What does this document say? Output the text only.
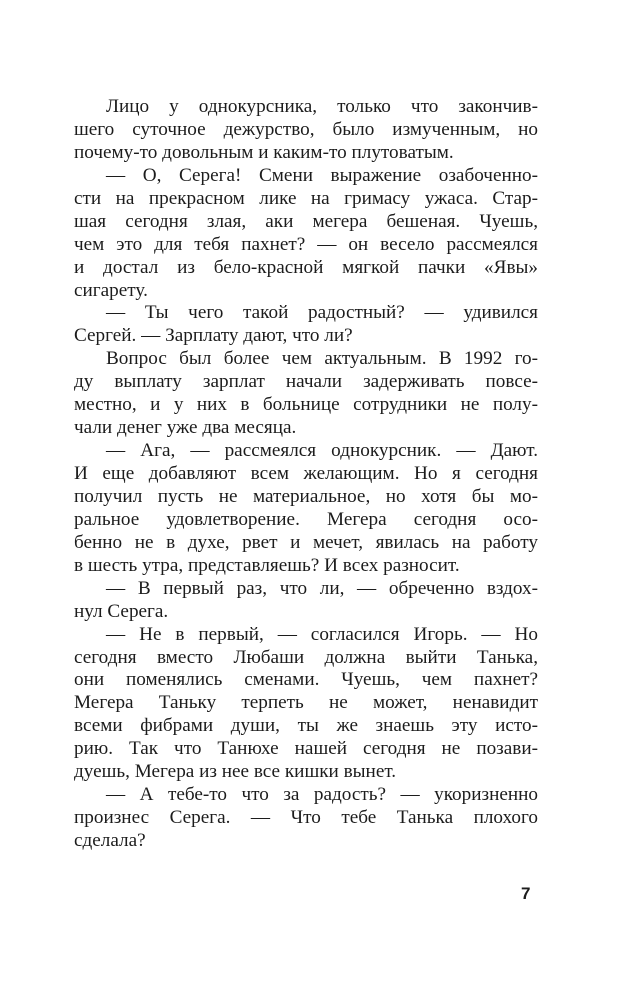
Лицо у однокурсника, только что закончив-
шего суточное дежурство, было измученным, но
почему-то довольным и каким-то плутоватым.
— О, Серега! Смени выражение озабоченно-
сти на прекрасном лике на гримасу ужаса. Стар-
шая сегодня злая, аки мегера бешеная. Чуешь,
чем это для тебя пахнет? — он весело рассмеялся
и достал из бело-красной мягкой пачки «Явы»
сигарету.
— Ты чего такой радостный? — удивился
Сергей. — Зарплату дают, что ли?
Вопрос был более чем актуальным. В 1992 го-
ду выплату зарплат начали задерживать повсе-
местно, и у них в больнице сотрудники не полу-
чали денег уже два месяца.
— Ага, — рассмеялся однокурсник. — Дают.
И еще добавляют всем желающим. Но я сегодня
получил пусть не материальное, но хотя бы мо-
ральное удовлетворение. Мегера сегодня осо-
бенно не в духе, рвет и мечет, явилась на работу
в шесть утра, представляешь? И всех разносит.
— В первый раз, что ли, — обреченно вздох-
нул Серега.
— Не в первый, — согласился Игорь. — Но
сегодня вместо Любаши должна выйти Танька,
они поменялись сменами. Чуешь, чем пахнет?
Мегера Таньку терпеть не может, ненавидит
всеми фибрами души, ты же знаешь эту исто-
рию. Так что Танюхе нашей сегодня не позави-
дуешь, Мегера из нее все кишки вынет.
— А тебе-то что за радость? — укоризненно
произнес Серега. — Что тебе Танька плохого
сделала?
7
